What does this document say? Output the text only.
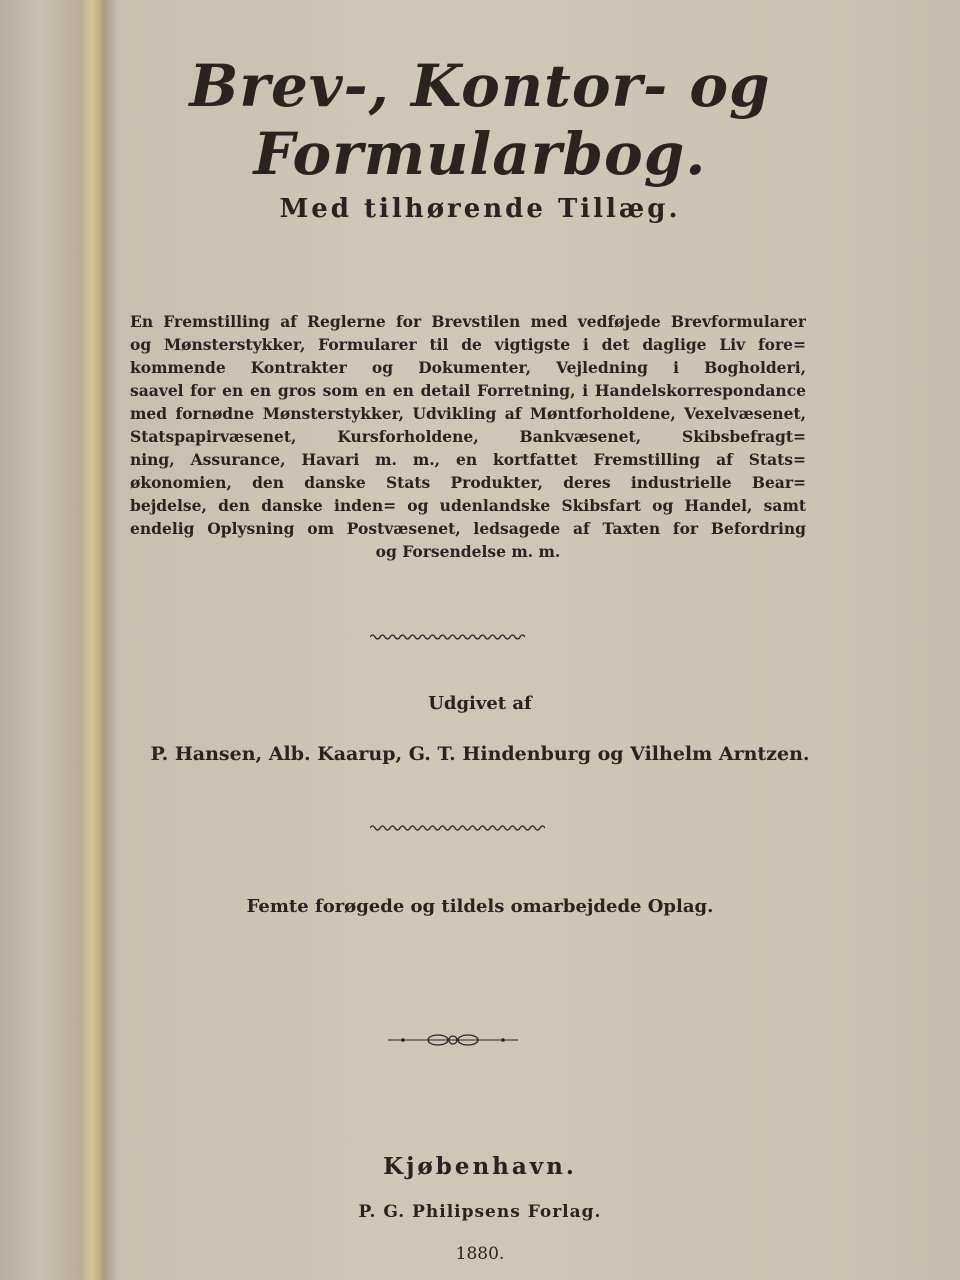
Brev-, Kontor- og Formularbog.
Med tilhørende Tillæg.
En Fremstilling af Reglerne for Brevstilen med vedføjede Brevformularer
og Mønsterstykker, Formularer til de vigtigste i det daglige Liv fore=
kommende Kontrakter og Dokumenter, Vejledning i Bogholderi,
saavel for en en gros som en en detail Forretning, i Handelskorrespondance
med fornødne Mønsterstykker, Udvikling af Møntforholdene, Vexelvæsenet,
Statspapirvæsenet, Kursforholdene, Bankvæsenet, Skibsbefragt=
ning, Assurance, Havari m. m., en kortfattet Fremstilling af Stats=
økonomien, den danske Stats Produkter, deres industrielle Bear=
bejdelse, den danske inden= og udenlandske Skibsfart og Handel, samt
endelig Oplysning om Postvæsenet, ledsagede af Taxten for Befordring
og Forsendelse m. m.
Udgivet af
P. Hansen, Alb. Kaarup, G. T. Hindenburg og Vilhelm Arntzen.
Femte forøgede og tildels omarbejdede Oplag.
Kjøbenhavn.
P. G. Philipsens Forlag.
1880.
